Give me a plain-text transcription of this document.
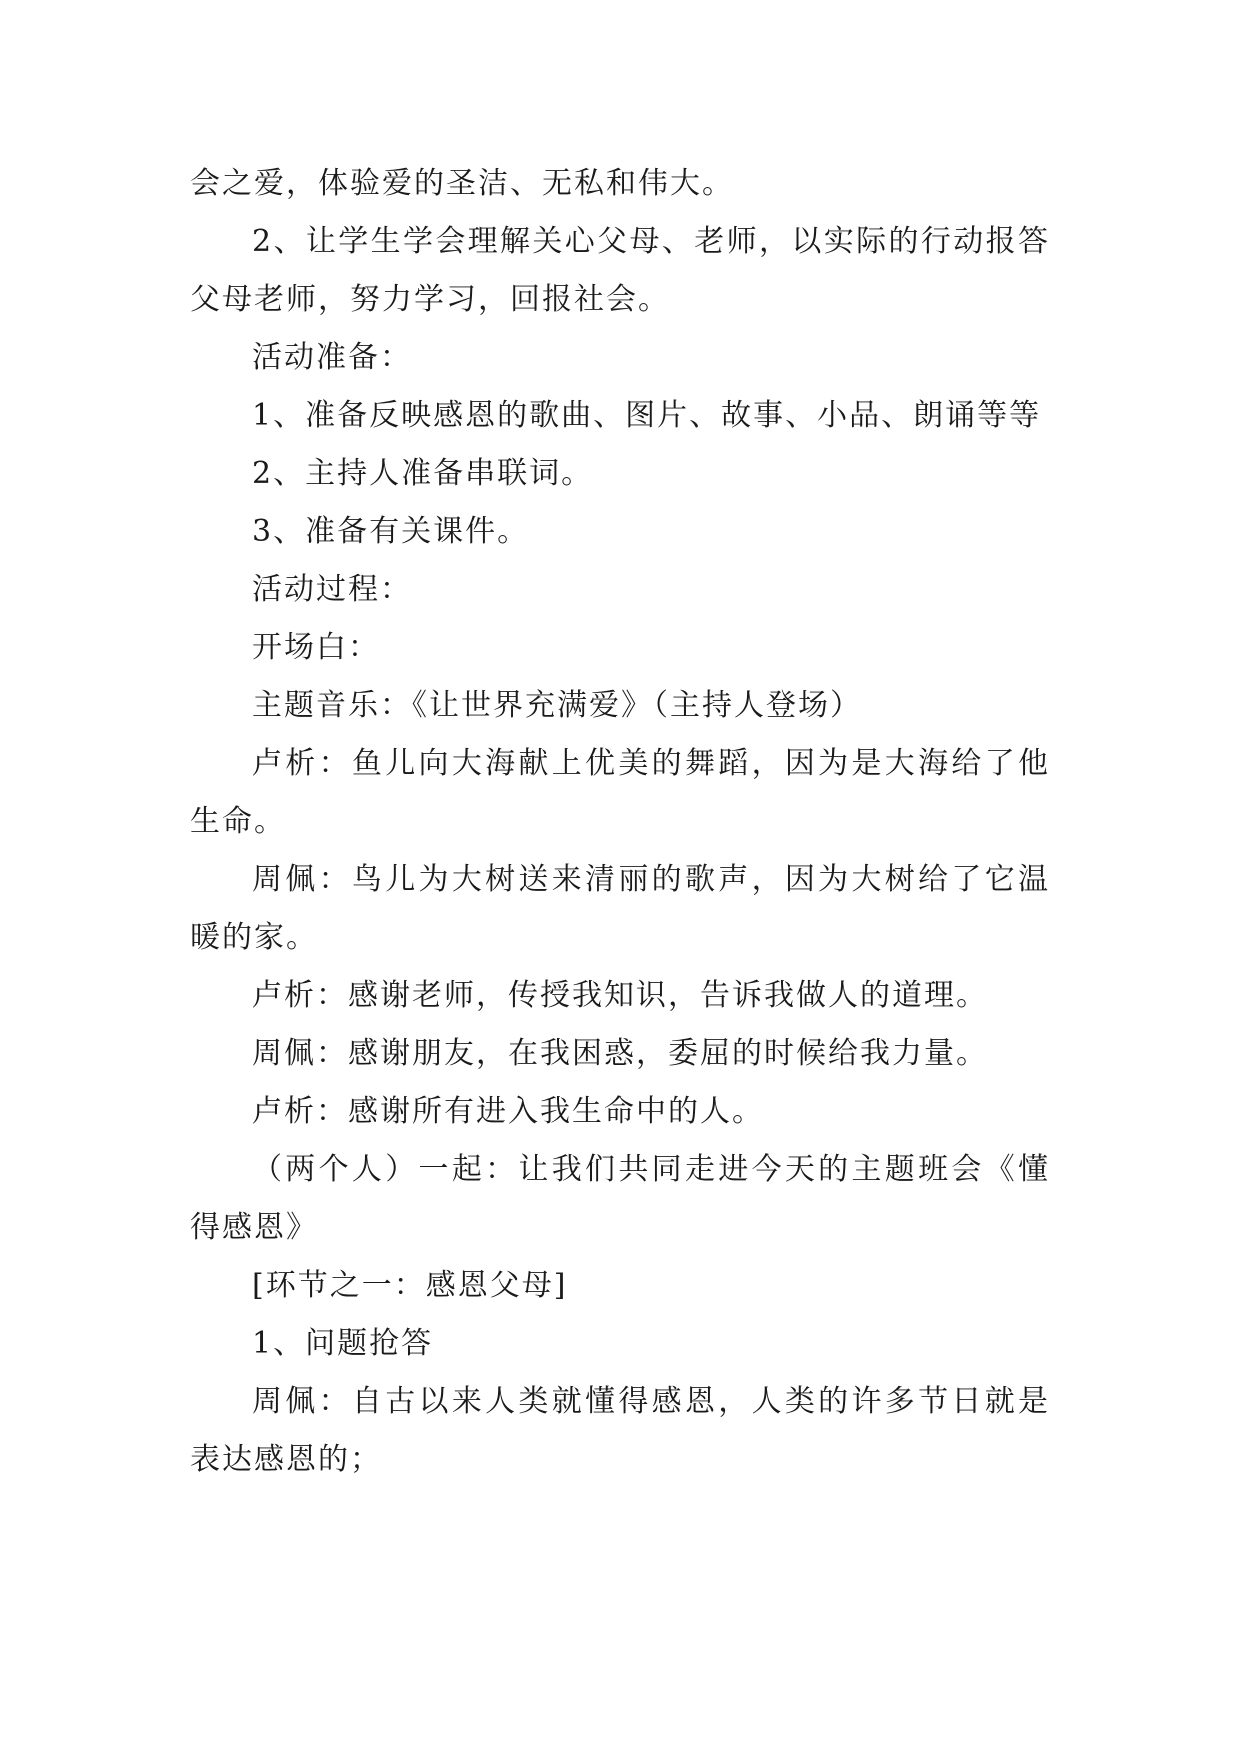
会之爱，体验爱的圣洁、无私和伟大。

2、让学生学会理解关心父母、老师，以实际的行动报答父母老师，努力学习，回报社会。

活动准备：

1、准备反映感恩的歌曲、图片、故事、小品、朗诵等等

2、主持人准备串联词。

3、准备有关课件。

活动过程：

开场白：

主题音乐：《让世界充满爱》（主持人登场）

卢析：鱼儿向大海献上优美的舞蹈，因为是大海给了他生命。

周佩：鸟儿为大树送来清丽的歌声，因为大树给了它温暖的家。

卢析：感谢老师，传授我知识，告诉我做人的道理。

周佩：感谢朋友，在我困惑，委屈的时候给我力量。

卢析：感谢所有进入我生命中的人。

（两个人）一起：让我们共同走进今天的主题班会《懂得感恩》

[环节之一：感恩父母]

1、问题抢答

周佩：自古以来人类就懂得感恩，人类的许多节日就是表达感恩的；
